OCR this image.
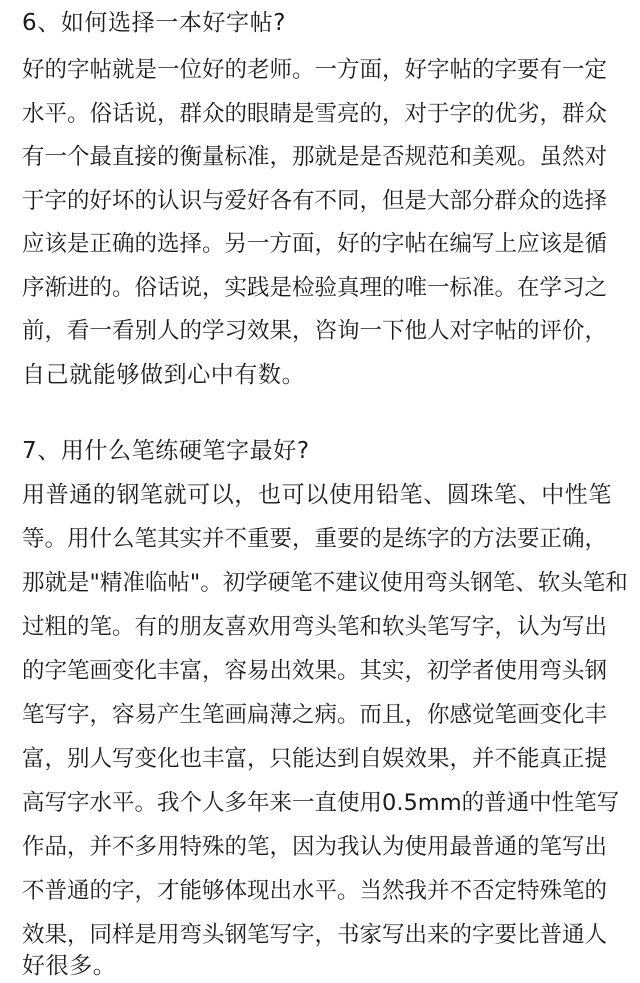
6、如何选择一本好字帖?
好的字帖就是一位好的老师。一方面，好字帖的字要有一定
水平。俗话说，群众的眼睛是雪亮的，对于字的优劣，群众
有一个最直接的衡量标准，那就是是否规范和美观。虽然对
于字的好坏的认识与爱好各有不同，但是大部分群众的选择
应该是正确的选择。另一方面，好的字帖在编写上应该是循
序渐进的。俗话说，实践是检验真理的唯一标准。在学习之
前，看一看别人的学习效果，咨询一下他人对字帖的评价，
自己就能够做到心中有数。
7、用什么笔练硬笔字最好?
用普通的钢笔就可以，也可以使用铅笔、圆珠笔、中性笔
等。用什么笔其实并不重要，重要的是练字的方法要正确，
那就是"精准临帖"。初学硬笔不建议使用弯头钢笔、软头笔和
过粗的笔。有的朋友喜欢用弯头笔和软头笔写字，认为写出
的字笔画变化丰富，容易出效果。其实，初学者使用弯头钢
笔写字，容易产生笔画扁薄之病。而且，你感觉笔画变化丰
富，别人写变化也丰富，只能达到自娱效果，并不能真正提
高写字水平。我个人多年来一直使用0.5mm的普通中性笔写
作品，并不多用特殊的笔，因为我认为使用最普通的笔写出
不普通的字，才能够体现出水平。当然我并不否定特殊笔的
效果，同样是用弯头钢笔写字，书家写出来的字要比普通人
好很多。
